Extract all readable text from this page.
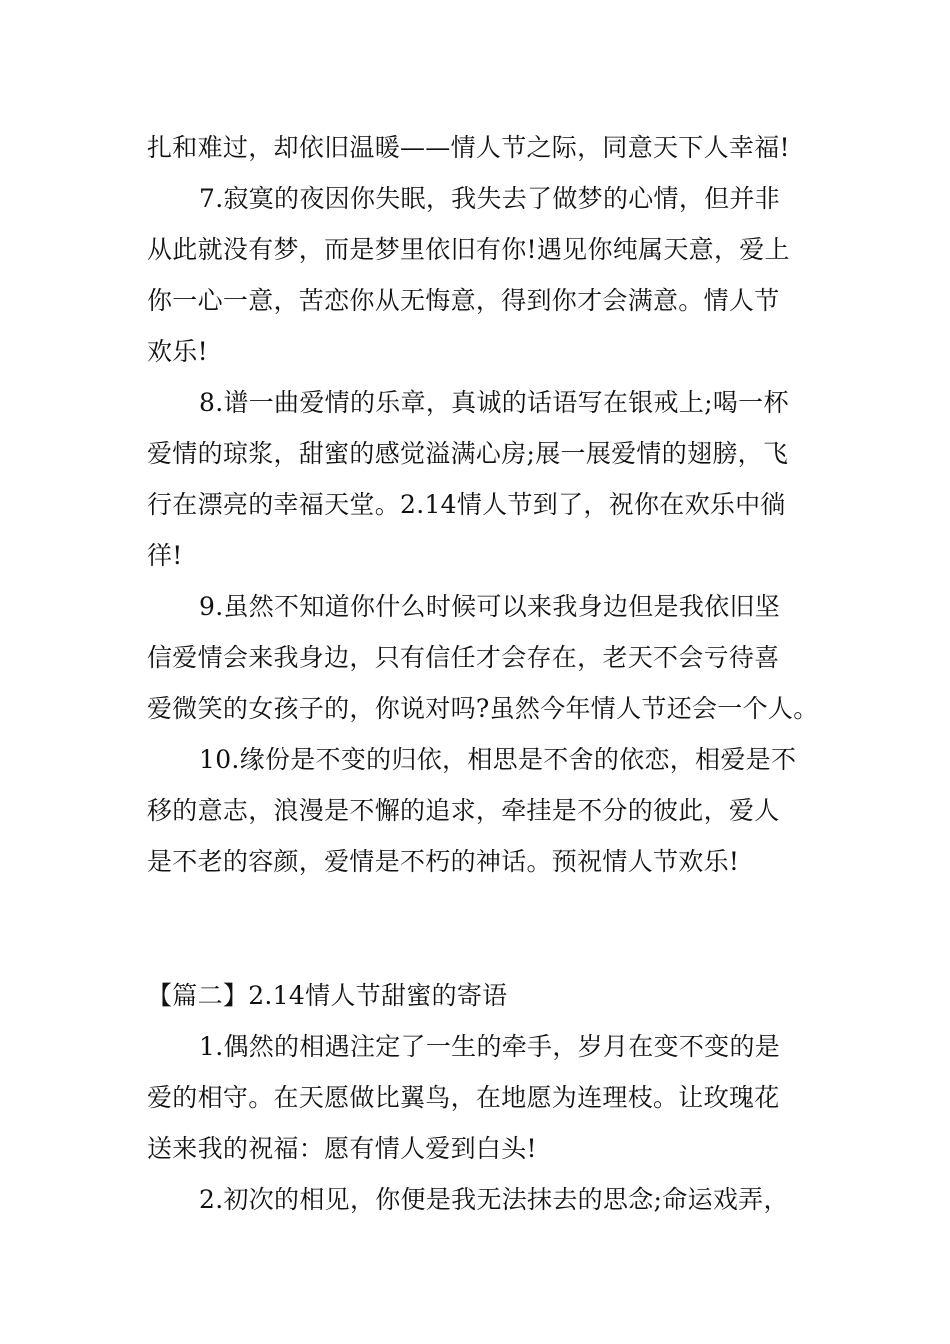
扎和难过，却依旧温暖——情人节之际，同意天下人幸福!
7.寂寞的夜因你失眠，我失去了做梦的心情，但并非
从此就没有梦，而是梦里依旧有你!遇见你纯属天意，爱上
你一心一意，苦恋你从无悔意，得到你才会满意。情人节
欢乐!
8.谱一曲爱情的乐章，真诚的话语写在银戒上;喝一杯
爱情的琼浆，甜蜜的感觉溢满心房;展一展爱情的翅膀，飞
行在漂亮的幸福天堂。2.14情人节到了，祝你在欢乐中徜
徉!
9.虽然不知道你什么时候可以来我身边但是我依旧坚
信爱情会来我身边，只有信任才会存在，老天不会亏待喜
爱微笑的女孩子的，你说对吗?虽然今年情人节还会一个人。
10.缘份是不变的归依，相思是不舍的依恋，相爱是不
移的意志，浪漫是不懈的追求，牵挂是不分的彼此，爱人
是不老的容颜，爱情是不朽的神话。预祝情人节欢乐!
【篇二】2.14情人节甜蜜的寄语
1.偶然的相遇注定了一生的牵手，岁月在变不变的是
爱的相守。在天愿做比翼鸟，在地愿为连理枝。让玫瑰花
送来我的祝福：愿有情人爱到白头!
2.初次的相见，你便是我无法抹去的思念;命运戏弄，
